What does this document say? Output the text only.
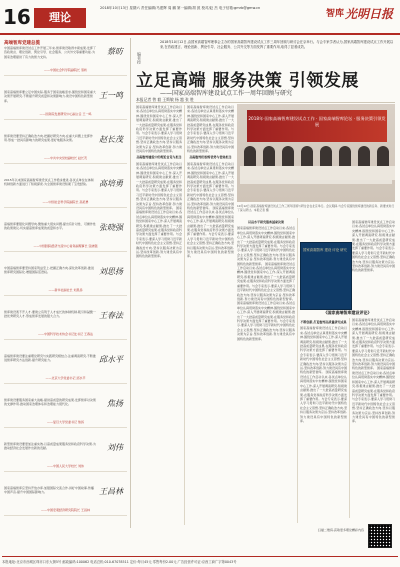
16	理论
2018年10月13日 星期六 责任编辑/马建辉 周 鹏 第一编辑/胡 波 校对/赵 杰 电子信箱:gmrb@gmw.cn
智库 光明日报
高端智库党建总揽
蔡昉
中国高端智库建设试点工作开展三年来,智库建设取得丰硕成果,发挥了咨政建言、理论创新、舆论引导、社会服务、公共外交等重要功能,为国家治理提供了有力的智力支持。
——中国社会科学院副院长 蔡昉
王一鸣
国家高端智库要立足中国实际,服务于国家战略需求,围绕党和国家重大决策开展研究,不断提升研究质量和决策影响力,建设中国特色新型智库。
——国务院发展研究中心副主任 王一鸣
赵长茂
智库建设要坚持正确政治方向,把握好研究方向,在重大问题上发挥作用,形成一批具有影响力的研究成果,更好地服务决策。
——中共中央党校副校长 赵长茂
高培勇
2015年以来国家高端智库建设试点工作稳步推进,各试点单位在体制机制创新方面进行了积极探索,为全国智库建设积累了宝贵经验。
——中国社会科学院副院长 高培勇
张晓强
高端智库要强化问题导向,聚焦重大现实问题,提出有针对性、可操作性的政策建议,切实提高智库成果的质量和水平。
——中国国际经济交流中心常务副理事长 张晓强
刘思扬
中国高端智库要坚持国家利益至上,把握正确方向,深化改革创新,推进智库研究国际化,增强国际话语权。
——新华社副社长 刘思扬
王春法
智库建设离不开人才,要建立有利于人才成长的体制机制,吸引和凝聚一批优秀研究人才,形成智库发展的强大合力。
——中国科学技术协会书记处书记 王春法
邱水平
高端智库建设要注重理论研究与实践研究相结合,注重调查研究,不断推进智库研究方法创新,提升研究能力。
——北京大学党委书记 邱水平
焦扬
智库建设要服务国家重大战略,提供高质量的研究成果,发挥智库对决策的支撑作用,推动国家治理体系和治理能力现代化。
——复旦大学党委书记 焦扬
刘伟
新型智库建设要更加注重实效,以高质量成果服务党和政府科学决策,为推动经济社会发展作出新的贡献。
——中国人民大学校长 刘伟
王昌林
国家高端智库应坚持开放办库,加强国际交流合作,讲好中国故事,传播中国声音,提升中国国际影响力。
——中国宏观经济研究院院长 王昌林
编者按
2018年10月12日,由国家高端智库理事会主办的国家高端智库建设试点工作三周年回顾与研讨会在京举行。与会专家学者认为,国家高端智库建设试点工作开展以来,在咨政建言、理论创新、舆论引导、社会服务、公共外交等方面发挥了重要作用,取得了显著成效。
立足高端 服务决策 引领发展
——国家高端智库建设试点工作一周年回顾与研究
本报记者 曾 毅 王斯敏 杨 越 张 胜
国家高端智库建设试点工作启动以来,各试点单位认真贯彻落实中央精神,围绕党和国家中心工作,深入开展调查研究,积极建言献策,推出了一大批高质量研究成果,在服务党和政府科学决策方面发挥了重要作用。与会专家表示,要深入学习贯彻习近平新时代中国特色社会主义思想,坚持正确政治方向,坚持以服务决策为宗旨,坚持改革创新,努力建设具有中国特色的新型智库。
高端智库建设中的理论自觉与担当
国家高端智库建设试点工作启动以来,各试点单位认真贯彻落实中央精神,围绕党和国家中心工作,深入开展调查研究,积极建言献策,推出了一大批高质量研究成果,在服务党和政府科学决策方面发挥了重要作用。与会专家表示,要深入学习贯彻习近平新时代中国特色社会主义思想,坚持正确政治方向,坚持以服务决策为宗旨,坚持改革创新,努力建设具有中国特色的新型智库。 国家高端智库建设试点工作启动以来,各试点单位认真贯彻落实中央精神,围绕党和国家中心工作,深入开展调查研究,积极建言献策,推出了一大批高质量研究成果,在服务党和政府科学决策方面发挥了重要作用。与会专家表示,要深入学习贯彻习近平新时代中国特色社会主义思想,坚持正确政治方向,坚持以服务决策为宗旨,坚持改革创新,努力建设具有中国特色的新型智库。
国家高端智库建设试点工作启动以来,各试点单位认真贯彻落实中央精神,围绕党和国家中心工作,深入开展调查研究,积极建言献策,推出了一大批高质量研究成果,在服务党和政府科学决策方面发挥了重要作用。与会专家表示,要深入学习贯彻习近平新时代中国特色社会主义思想,坚持正确政治方向,坚持以服务决策为宗旨,坚持改革创新,努力建设具有中国特色的新型智库。
高端智库的独特优势与使命担当
国家高端智库建设试点工作启动以来,各试点单位认真贯彻落实中央精神,围绕党和国家中心工作,深入开展调查研究,积极建言献策,推出了一大批高质量研究成果,在服务党和政府科学决策方面发挥了重要作用。与会专家表示,要深入学习贯彻习近平新时代中国特色社会主义思想,坚持正确政治方向,坚持以服务决策为宗旨,坚持改革创新,努力建设具有中国特色的新型智库。 国家高端智库建设试点工作启动以来,各试点单位认真贯彻落实中央精神,围绕党和国家中心工作,深入开展调查研究,积极建言献策,推出了一大批高质量研究成果,在服务党和政府科学决策方面发挥了重要作用。与会专家表示,要深入学习贯彻习近平新时代中国特色社会主义思想,坚持正确政治方向,坚持以服务决策为宗旨,坚持改革创新,努力建设具有中国特色的新型智库。
2018年·国家高端智库建设试点工作 · 国家高端智库论坛 · 服务决策引领发展
10月12日,国家高端智库建设试点工作三周年回顾与研讨会在北京举行。会议期间,与会专家围绕智库建设的新任务、新要求进行了深入研讨。本报记者 摄
以高水平研究服务国家决策
国家高端智库建设试点工作启动以来,各试点单位认真贯彻落实中央精神,围绕党和国家中心工作,深入开展调查研究,积极建言献策,推出了一大批高质量研究成果,在服务党和政府科学决策方面发挥了重要作用。与会专家表示,要深入学习贯彻习近平新时代中国特色社会主义思想,坚持正确政治方向,坚持以服务决策为宗旨,坚持改革创新,努力建设具有中国特色的新型智库。 国家高端智库建设试点工作启动以来,各试点单位认真贯彻落实中央精神,围绕党和国家中心工作,深入开展调查研究,积极建言献策,推出了一大批高质量研究成果,在服务党和政府科学决策方面发挥了重要作用。与会专家表示,要深入学习贯彻习近平新时代中国特色社会主义思想,坚持正确政治方向,坚持以服务决策为宗旨,坚持改革创新,努力建设具有中国特色的新型智库。 国家高端智库建设试点工作启动以来,各试点单位认真贯彻落实中央精神,围绕党和国家中心工作,深入开展调查研究,积极建言献策,推出了一大批高质量研究成果,在服务党和政府科学决策方面发挥了重要作用。与会专家表示,要深入学习贯彻习近平新时代中国特色社会主义思想,坚持正确政治方向,坚持以服务决策为宗旨,坚持改革创新,努力建设具有中国特色的新型智库。
国家高端智库 建设 评论 研究
《国家高端智库建设评论》
国家高端智库建设试点工作启动以来,各试点单位认真贯彻落实中央精神,围绕党和国家中心工作,深入开展调查研究,积极建言献策,推出了一大批高质量研究成果,在服务党和政府科学决策方面发挥了重要作用。与会专家表示,要深入学习贯彻习近平新时代中国特色社会主义思想,坚持正确政治方向,坚持以服务决策为宗旨,坚持改革创新,努力建设具有中国特色的新型智库。
不断创新,打造智库高质量研究成果
国家高端智库建设试点工作启动以来,各试点单位认真贯彻落实中央精神,围绕党和国家中心工作,深入开展调查研究,积极建言献策,推出了一大批高质量研究成果,在服务党和政府科学决策方面发挥了重要作用。与会专家表示,要深入学习贯彻习近平新时代中国特色社会主义思想,坚持正确政治方向,坚持以服务决策为宗旨,坚持改革创新,努力建设具有中国特色的新型智库。 国家高端智库建设试点工作启动以来,各试点单位认真贯彻落实中央精神,围绕党和国家中心工作,深入开展调查研究,积极建言献策,推出了一大批高质量研究成果,在服务党和政府科学决策方面发挥了重要作用。与会专家表示,要深入学习贯彻习近平新时代中国特色社会主义思想,坚持正确政治方向,坚持以服务决策为宗旨,坚持改革创新,努力建设具有中国特色的新型智库。
国家高端智库建设试点工作启动以来,各试点单位认真贯彻落实中央精神,围绕党和国家中心工作,深入开展调查研究,积极建言献策,推出了一大批高质量研究成果,在服务党和政府科学决策方面发挥了重要作用。与会专家表示,要深入学习贯彻习近平新时代中国特色社会主义思想,坚持正确政治方向,坚持以服务决策为宗旨,坚持改革创新,努力建设具有中国特色的新型智库。 国家高端智库建设试点工作启动以来,各试点单位认真贯彻落实中央精神,围绕党和国家中心工作,深入开展调查研究,积极建言献策,推出了一大批高质量研究成果,在服务党和政府科学决策方面发挥了重要作用。与会专家表示,要深入学习贯彻习近平新时代中国特色社会主义思想,坚持正确政治方向,坚持以服务决策为宗旨,坚持改革创新,努力建设具有中国特色的新型智库。
扫描二维码,获取更多理论精彩内容
本报地址:北京市西城区珠市口东大街5号 邮政编码:100062 电话总机:010-67078511 定价:每月45元 零售每份2.00元 广告经营许可证:京西工商广字第0043号
